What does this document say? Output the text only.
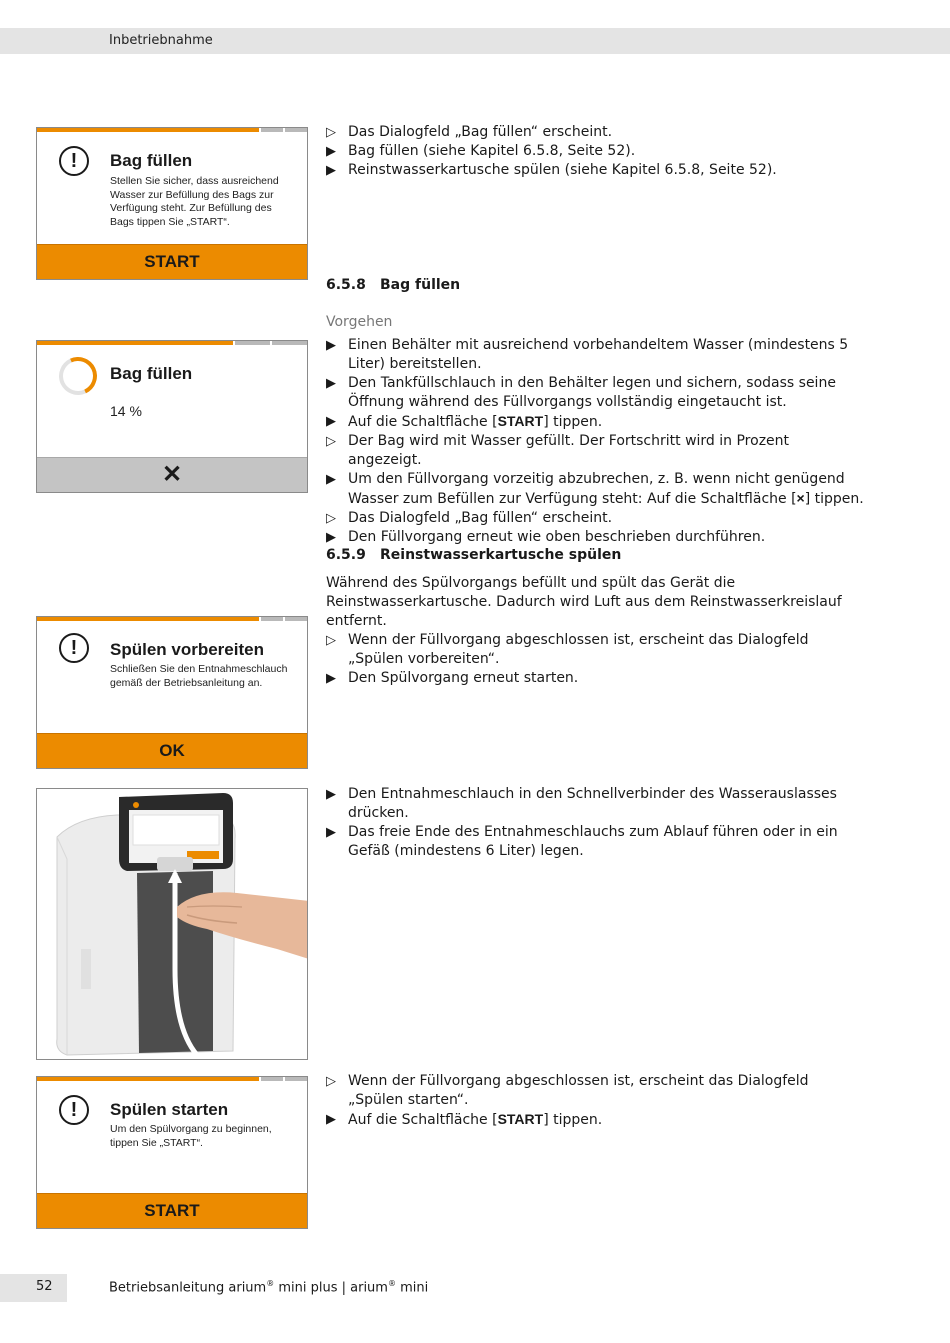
Inbetriebnahme
!	Bag füllen
Stellen Sie sicher, dass ausreichend Wasser zur Befüllung des Bags zur Verfügung steht. Zur Befüllung des Bags tippen Sie „START“.
START
Bag füllen
14 %
✕
!	Spülen vorbereiten
Schließen Sie den Entnahmeschlauch gemäß der Betriebsanleitung an.
OK
!	Spülen starten
Um den Spülvorgang zu beginnen, tippen Sie „START“.
START

▷ Das Dialogfeld „Bag füllen“ erscheint.

▶ Bag füllen (siehe Kapitel 6.5.8, Seite 52).

▶ Reinstwasserkartusche spülen (siehe Kapitel 6.5.8, Seite 52).

6.5.8 Bag füllen
Vorgehen

▶ Einen Behälter mit ausreichend vorbehandeltem Wasser (mindestens 5 Liter) bereitstellen.

▶ Den Tankfüllschlauch in den Behälter legen und sichern, sodass seine Öffnung während des Füllvorgangs vollständig eingetaucht ist.

▶ Auf die Schaltfläche [START] tippen.

▷ Der Bag wird mit Wasser gefüllt. Der Fortschritt wird in Prozent angezeigt.

▶ Um den Füllvorgang vorzeitig abzubrechen, z. B. wenn nicht genügend Wasser zum Befüllen zur Verfügung steht: Auf die Schaltfläche [×] tippen.

▷ Das Dialogfeld „Bag füllen“ erscheint.

▶ Den Füllvorgang erneut wie oben beschrieben durchführen.

6.5.9 Reinstwasserkartusche spülen
Während des Spülvorgangs befüllt und spült das Gerät die Reinstwasserkartusche. Dadurch wird Luft aus dem Reinstwasserkreislauf entfernt.

▷ Wenn der Füllvorgang abgeschlossen ist, erscheint das Dialogfeld „Spülen vorbereiten“.

▶ Den Spülvorgang erneut starten.

▶ Den Entnahmeschlauch in den Schnellverbinder des Wasserauslasses drücken.

▶ Das freie Ende des Entnahmeschlauchs zum Ablauf führen oder in ein Gefäß (mindestens 6 Liter) legen.

▷ Wenn der Füllvorgang abgeschlossen ist, erscheint das Dialogfeld „Spülen starten“.

▶ Auf die Schaltfläche [START] tippen.

52	Betriebsanleitung arium® mini plus | arium® mini
